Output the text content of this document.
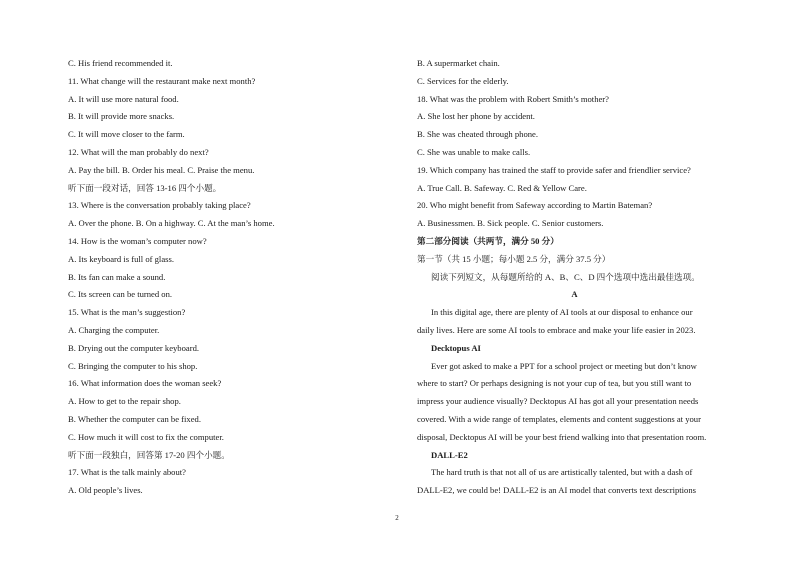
C. His friend recommended it.
11. What change will the restaurant make next month?
A. It will use more natural food.
B. It will provide more snacks.
C. It will move closer to the farm.
12. What will the man probably do next?
A. Pay the bill. B. Order his meal. C. Praise the menu.
听下面一段对话，回答 13-16 四个小题。
13. Where is the conversation probably taking place?
A. Over the phone. B. On a highway. C. At the man’s home.
14. How is the woman’s computer now?
A. Its keyboard is full of glass.
B. Its fan can make a sound.
C. Its screen can be turned on.
15. What is the man’s suggestion?
A. Charging the computer.
B. Drying out the computer keyboard.
C. Bringing the computer to his shop.
16. What information does the woman seek?
A. How to get to the repair shop.
B. Whether the computer can be fixed.
C. How much it will cost to fix the computer.
听下面一段独白，回答第 17-20 四个小题。
17. What is the talk mainly about?
A. Old people’s lives.
B. A supermarket chain.
C. Services for the elderly.
18. What was the problem with Robert Smith’s mother?
A. She lost her phone by accident.
B. She was cheated through phone.
C. She was unable to make calls.
19. Which company has trained the staff to provide safer and friendlier service?
A. True Call. B. Safeway. C. Red & Yellow Care.
20. Who might benefit from Safeway according to Martin Bateman?
A. Businessmen. B. Sick people. C. Senior customers.
第二部分阅读（共两节，满分 50 分）
第一节（共 15 小题；每小题 2.5 分，满分 37.5 分）
阅读下列短文，从每题所给的 A、B、C、D 四个选项中选出最佳选项。
A
In this digital age, there are plenty of AI tools at our disposal to enhance our
daily lives. Here are some AI tools to embrace and make your life easier in 2023.
Decktopus AI
Ever got asked to make a PPT for a school project or meeting but don’t know
where to start? Or perhaps designing is not your cup of tea, but you still want to
impress your audience visually? Decktopus AI has got all your presentation needs
covered. With a wide range of templates, elements and content suggestions at your
disposal, Decktopus AI will be your best friend walking into that presentation room.
DALL-E2
The hard truth is that not all of us are artistically talented, but with a dash of
DALL-E2, we could be! DALL-E2 is an AI model that converts text descriptions
2
